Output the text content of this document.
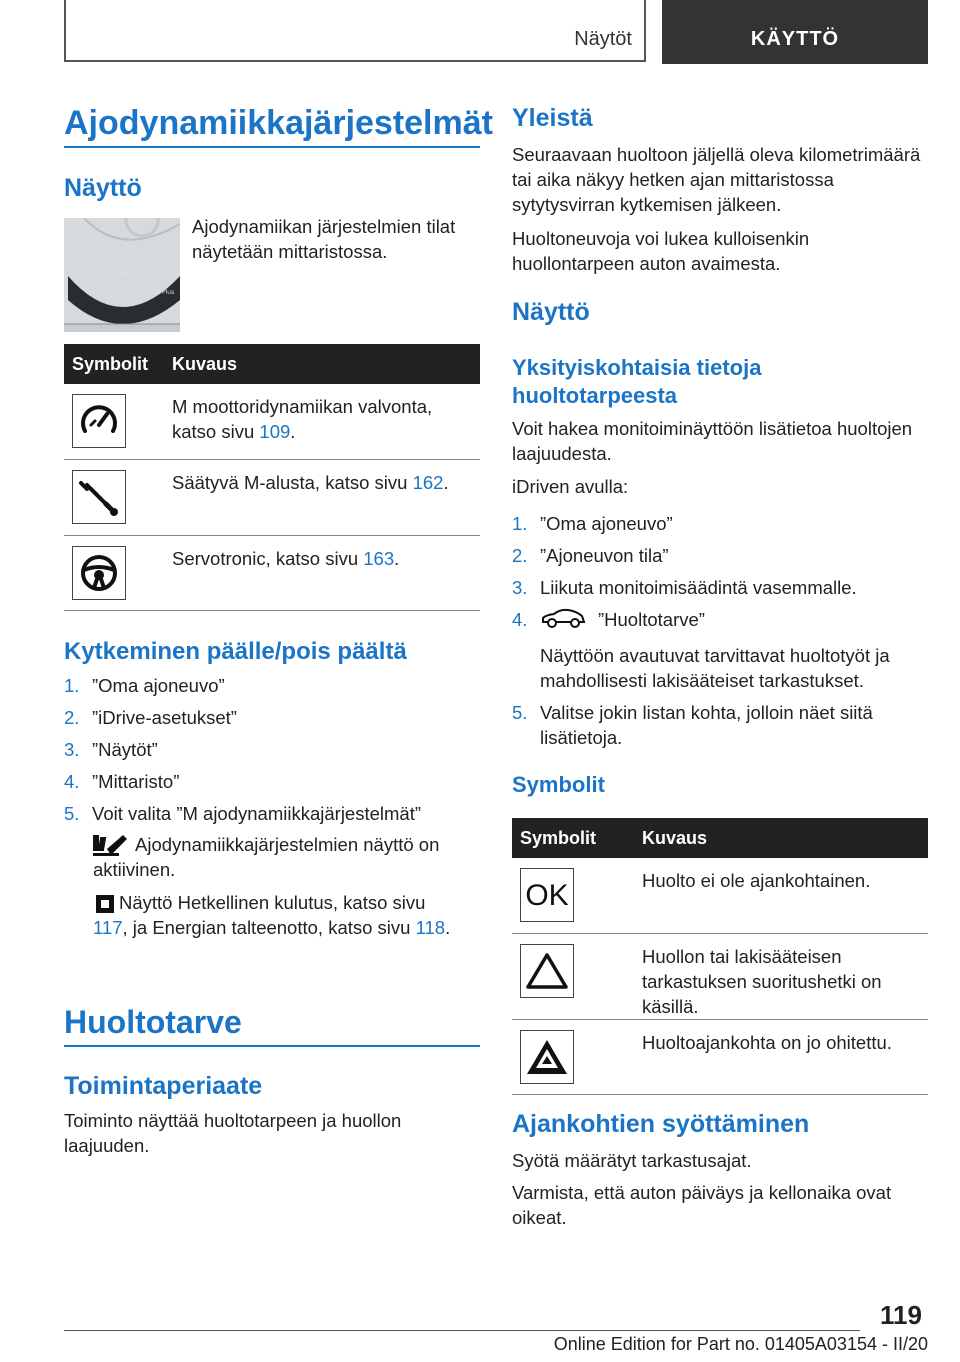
Näytöt	KÄYTTÖ
Ajodynamiikkajärjestelmät
Näyttö
Efficient
Sport
Sport Plus
Ajodynamiikan järjestelmien tilat näytetään mittaristossa.
Symbolit	Kuvaus

	M moottoridynamiikan valvonta, katso sivu 109.

	Säätyvä M-alusta, katso sivu 162.

	Servotronic, katso sivu 163.
Kytkeminen päälle/pois päältä
1. ”Oma ajoneuvo”
2. ”iDrive-asetukset”
3. ”Näytöt”
4. ”Mittaristo”
5. Voit valita ”M ajodynamiikkajärjestelmät”
Ajodynamiikkajärjestelmien näyttö on aktiivinen.
Näyttö Hetkellinen kulutus, katso sivu 117, ja Energian talteenotto, katso sivu 118.
Huoltotarve
Toimintaperiaate
Toiminto näyttää huoltotarpeen ja huollon laajuuden.
Yleistä
Seuraavaan huoltoon jäljellä oleva kilometrimäärä tai aika näkyy hetken ajan mittaristossa sytytysvirran kytkemisen jälkeen.
Huoltoneuvoja voi lukea kulloisenkin huollontarpeen auton avaimesta.
Näyttö
Yksityiskohtaisia tietoja huoltotarpeesta
Voit hakea monitoiminäyttöön lisätietoa huoltojen laajuudesta.
iDriven avulla:
1. ”Oma ajoneuvo”
2. ”Ajoneuvon tila”
3. Liikuta monitoimisäädintä vasemmalle.
4.	”Huoltotarve”
Näyttöön avautuvat tarvittavat huoltotyöt ja mahdollisesti lakisääteiset tarkastukset.
5. Valitse jokin listan kohta, jolloin näet siitä lisätietoja.
Symbolit
Symbolit	Kuvaus

OK	Huolto ei ole ajankohtainen.

	Huollon tai lakisääteisen tarkastuksen suoritushetki on käsillä.

	Huoltoajankohta on jo ohitettu.
Ajankohtien syöttäminen
Syötä määrätyt tarkastusajat.
Varmista, että auton päiväys ja kellonaika ovat oikeat.
119
Online Edition for Part no. 01405A03154 - II/20
